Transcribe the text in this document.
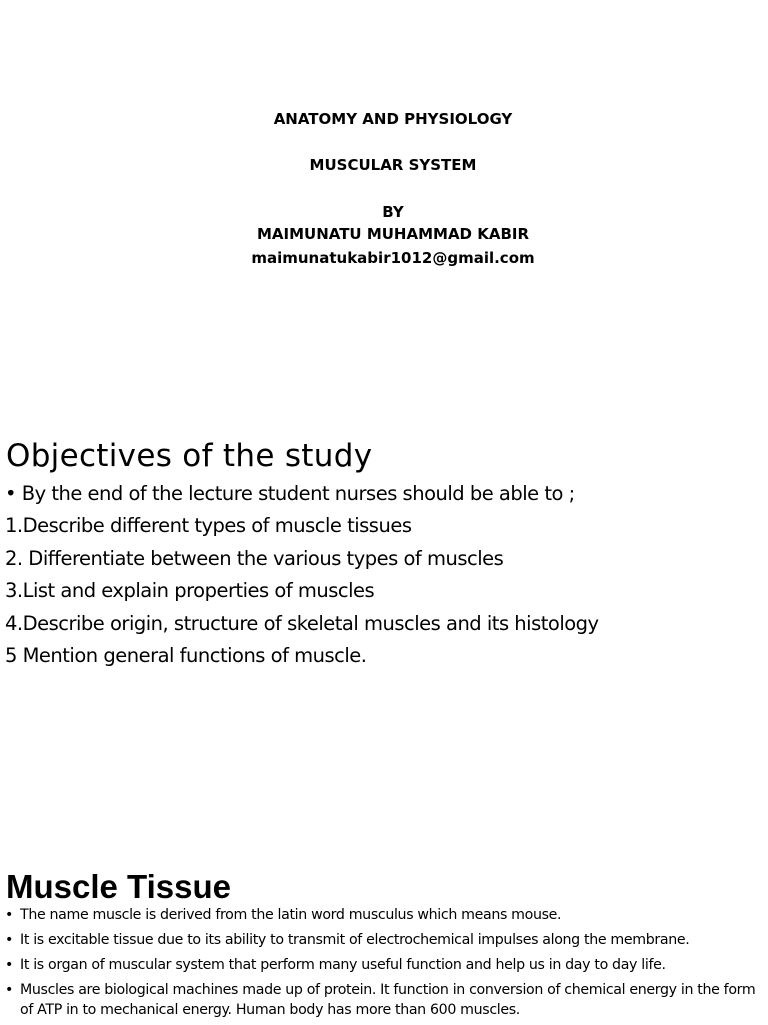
ANATOMY AND PHYSIOLOGY
MUSCULAR SYSTEM
BY
MAIMUNATU MUHAMMAD KABIR
maimunatukabir1012@gmail.com
Objectives of the study
• By the end of the lecture student nurses should be able to ;
1.Describe different types of muscle tissues
2. Differentiate between the various types of muscles
3.List and explain properties of muscles
4.Describe origin, structure of skeletal muscles and its histology
5 Mention general functions of muscle.
Muscle Tissue
• The name muscle is derived from the latin word musculus which means mouse.
• It is excitable tissue due to its ability to transmit of electrochemical impulses along the membrane.
• It is organ of muscular system that perform many useful function and help us in day to day life.
• Muscles are biological machines made up of protein. It function in conversion of chemical energy in the form of ATP in to mechanical energy. Human body has more than 600 muscles.
